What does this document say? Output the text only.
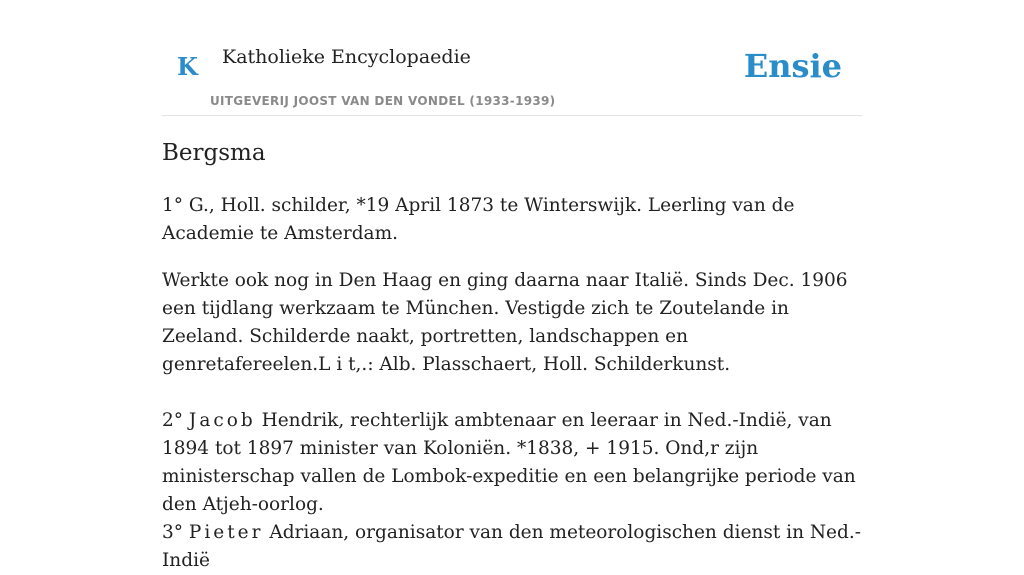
K Katholieke Encyclopaedie
UITGEVERIJ JOOST VAN DEN VONDEL (1933-1939)
Ensie
Bergsma

1° G., Holl. schilder, *19 April 1873 te Winterswijk. Leerling van de Academie te Amsterdam.

Werkte ook nog in Den Haag en ging daarna naar Italië. Sinds Dec. 1906 een tijdlang werkzaam te München. Vestigde zich te Zoutelande in Zeeland. Schilderde naakt, portretten, landschappen en genretafereelen.L i t,.: Alb. Plasschaert, Holl. Schilderkunst.

2° Jacob Hendrik, rechterlijk ambtenaar en leeraar in Ned.-Indië, van 1894 tot 1897 minister van Koloniën. *1838, + 1915. Ond,r zijn ministerschap vallen de Lombok-expeditie en een belangrijke periode van den Atjeh-oorlog.

3° Pieter Adriaan, organisator van den meteorologischen dienst in Ned.-Indië
